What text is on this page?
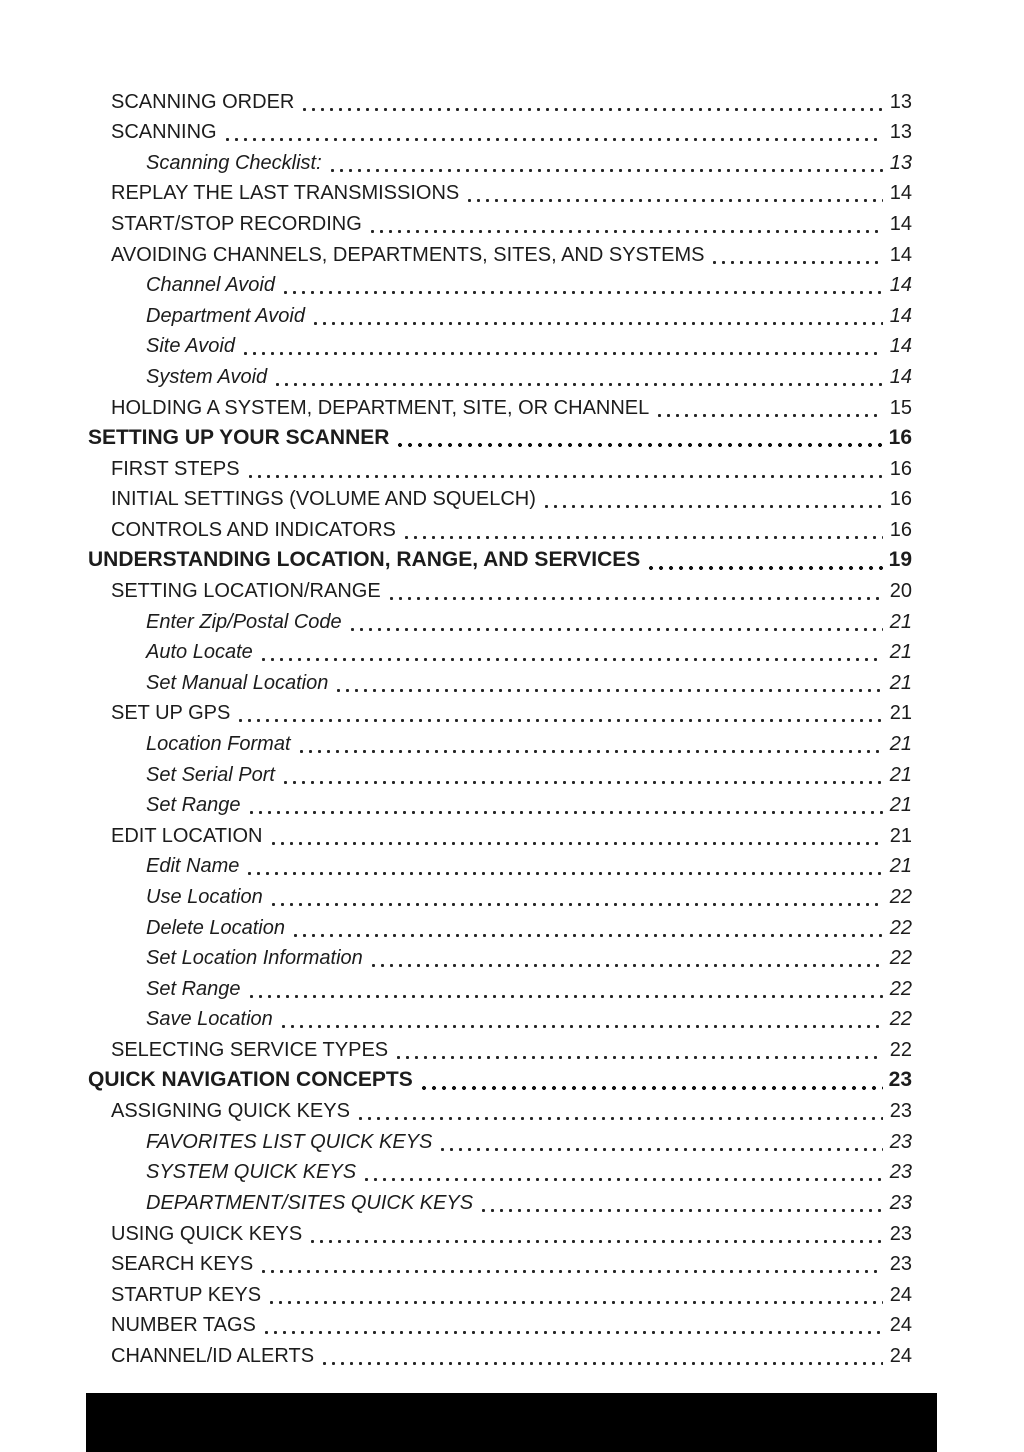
SCANNING ORDER	13
SCANNING	13
Scanning Checklist:	13
REPLAY THE LAST TRANSMISSIONS	14
START/STOP RECORDING	14
AVOIDING CHANNELS, DEPARTMENTS, SITES, AND SYSTEMS	14
Channel Avoid	14
Department Avoid	14
Site Avoid	14
System Avoid	14
HOLDING A SYSTEM, DEPARTMENT, SITE, OR CHANNEL	15
SETTING UP YOUR SCANNER	16
FIRST STEPS	16
INITIAL SETTINGS (VOLUME AND SQUELCH)	16
CONTROLS AND INDICATORS	16
UNDERSTANDING LOCATION, RANGE, AND SERVICES	19
SETTING LOCATION/RANGE	20
Enter Zip/Postal Code	21
Auto Locate	21
Set Manual Location	21
SET UP GPS	21
Location Format	21
Set Serial Port	21
Set Range	21
EDIT LOCATION	21
Edit Name	21
Use Location	22
Delete Location	22
Set Location Information	22
Set Range	22
Save Location	22
SELECTING SERVICE TYPES	22
QUICK NAVIGATION CONCEPTS	23
ASSIGNING QUICK KEYS	23
FAVORITES LIST QUICK KEYS	23
SYSTEM QUICK KEYS	23
DEPARTMENT/SITES QUICK KEYS	23
USING QUICK KEYS	23
SEARCH KEYS	23
STARTUP KEYS	24
NUMBER TAGS	24
CHANNEL/ID ALERTS	24
